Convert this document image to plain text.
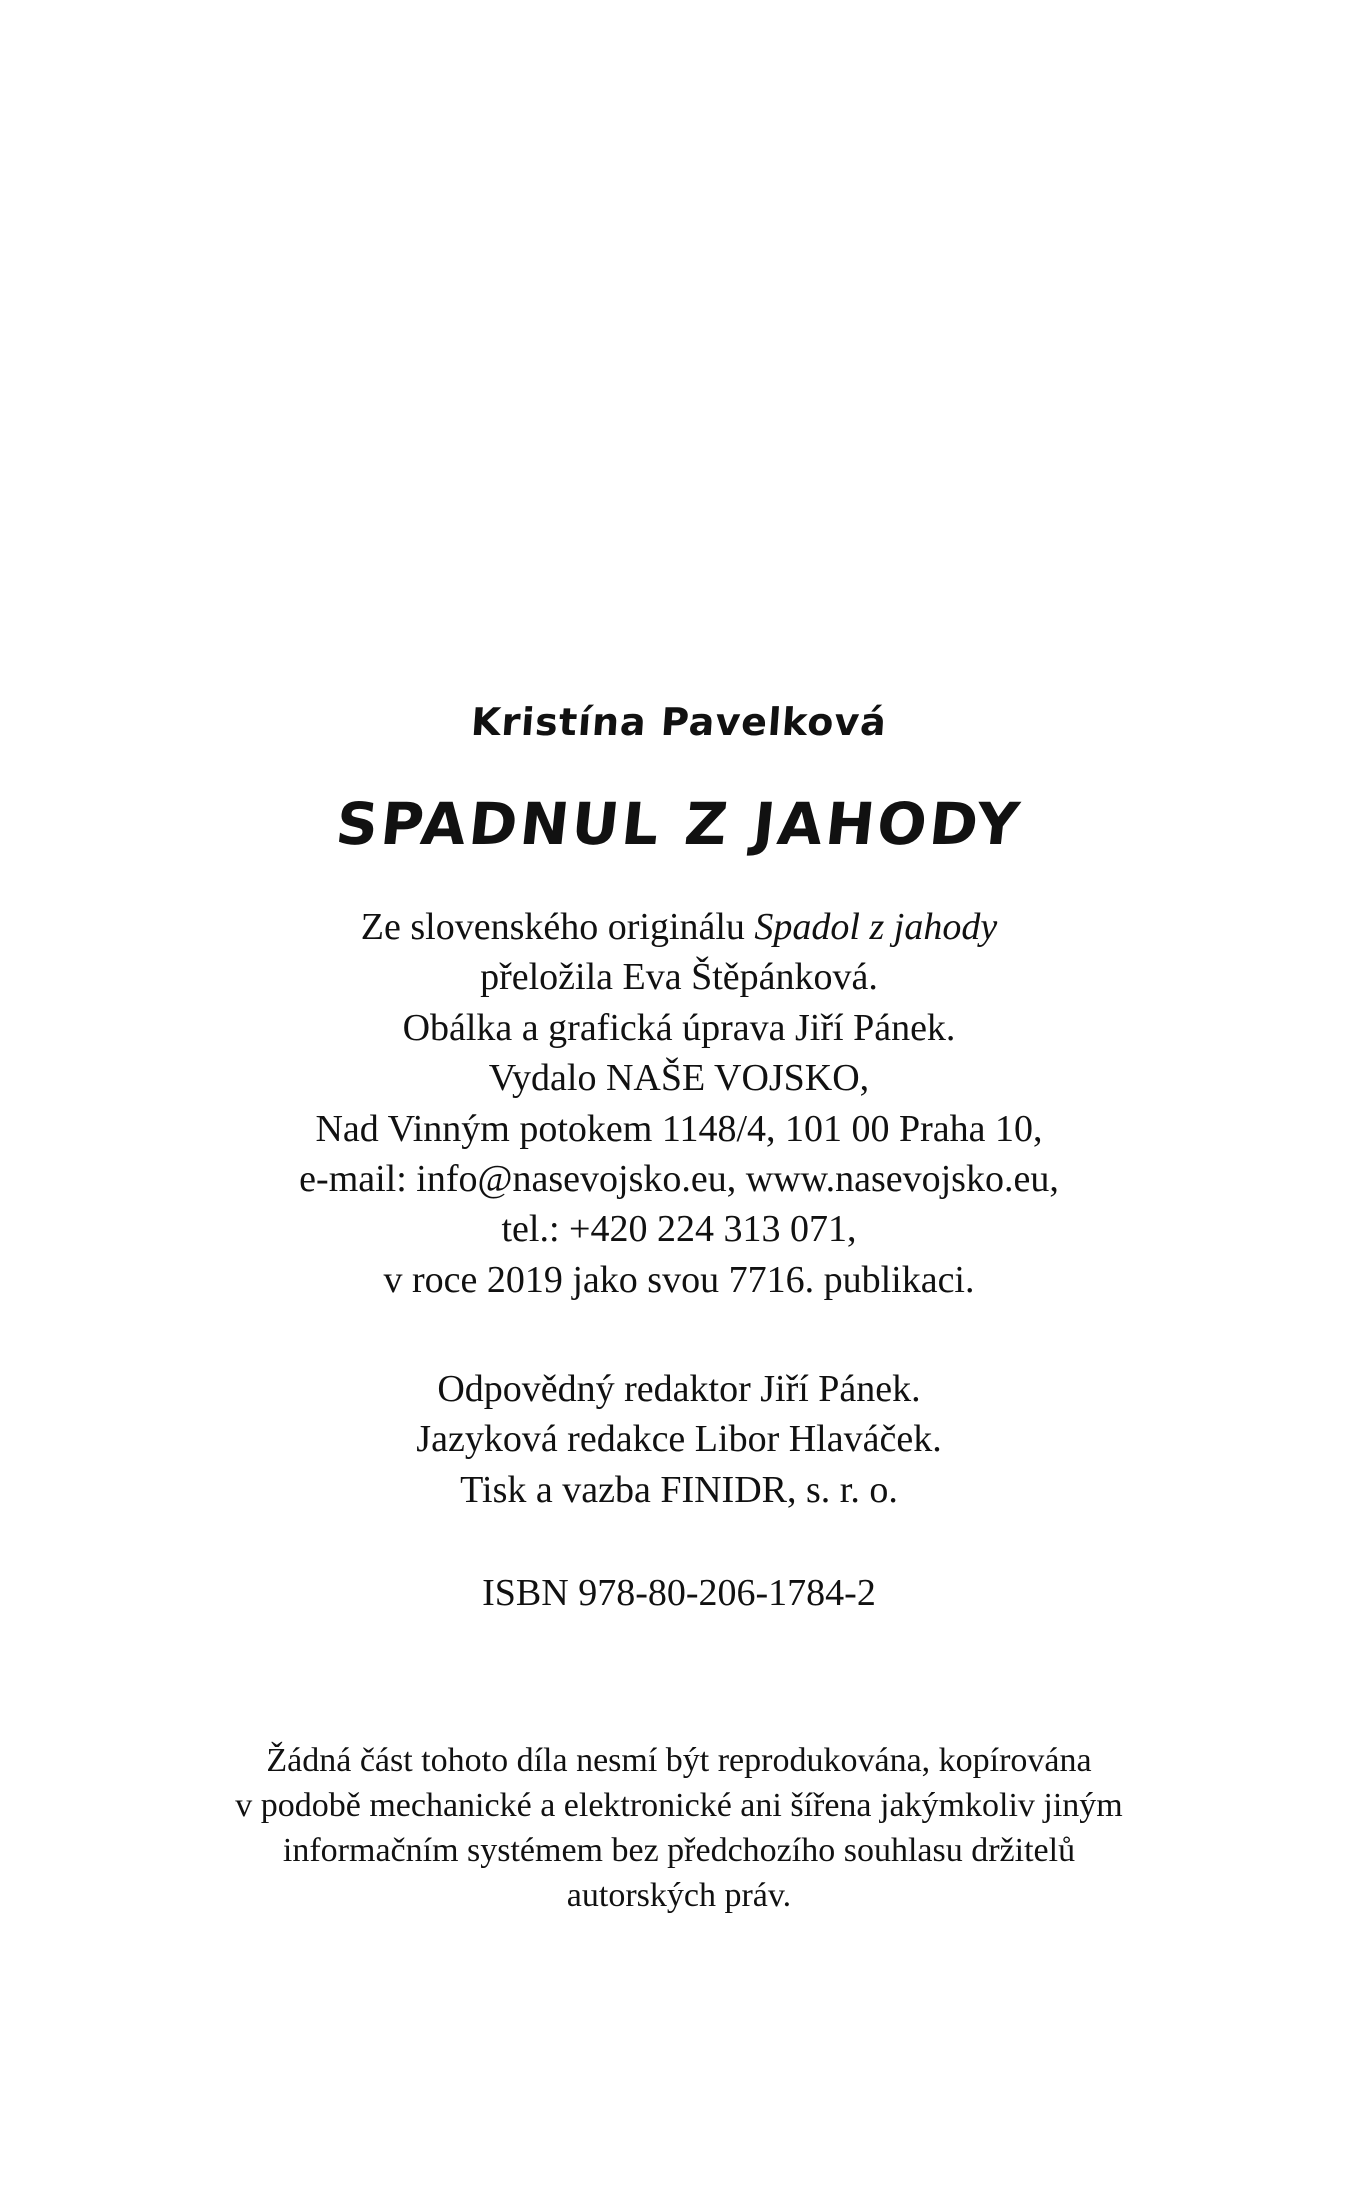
Kristína Pavelková
SPADNUL Z JAHODY
Ze slovenského originálu Spadol z jahody
přeložila Eva Štěpánková.
Obálka a grafická úprava Jiří Pánek.
Vydalo NAŠE VOJSKO,
Nad Vinným potokem 1148/4, 101 00 Praha 10,
e-mail: info@nasevojsko.eu, www.nasevojsko.eu,
tel.: +420 224 313 071,
v roce 2019 jako svou 7716. publikaci.
Odpovědný redaktor Jiří Pánek.
Jazyková redakce Libor Hlaváček.
Tisk a vazba FINIDR, s. r. o.
ISBN 978-80-206-1784-2
Žádná část tohoto díla nesmí být reprodukována, kopírována
v podobě mechanické a elektronické ani šířena jakýmkoliv jiným
informačním systémem bez předchozího souhlasu držitelů
autorských práv.
